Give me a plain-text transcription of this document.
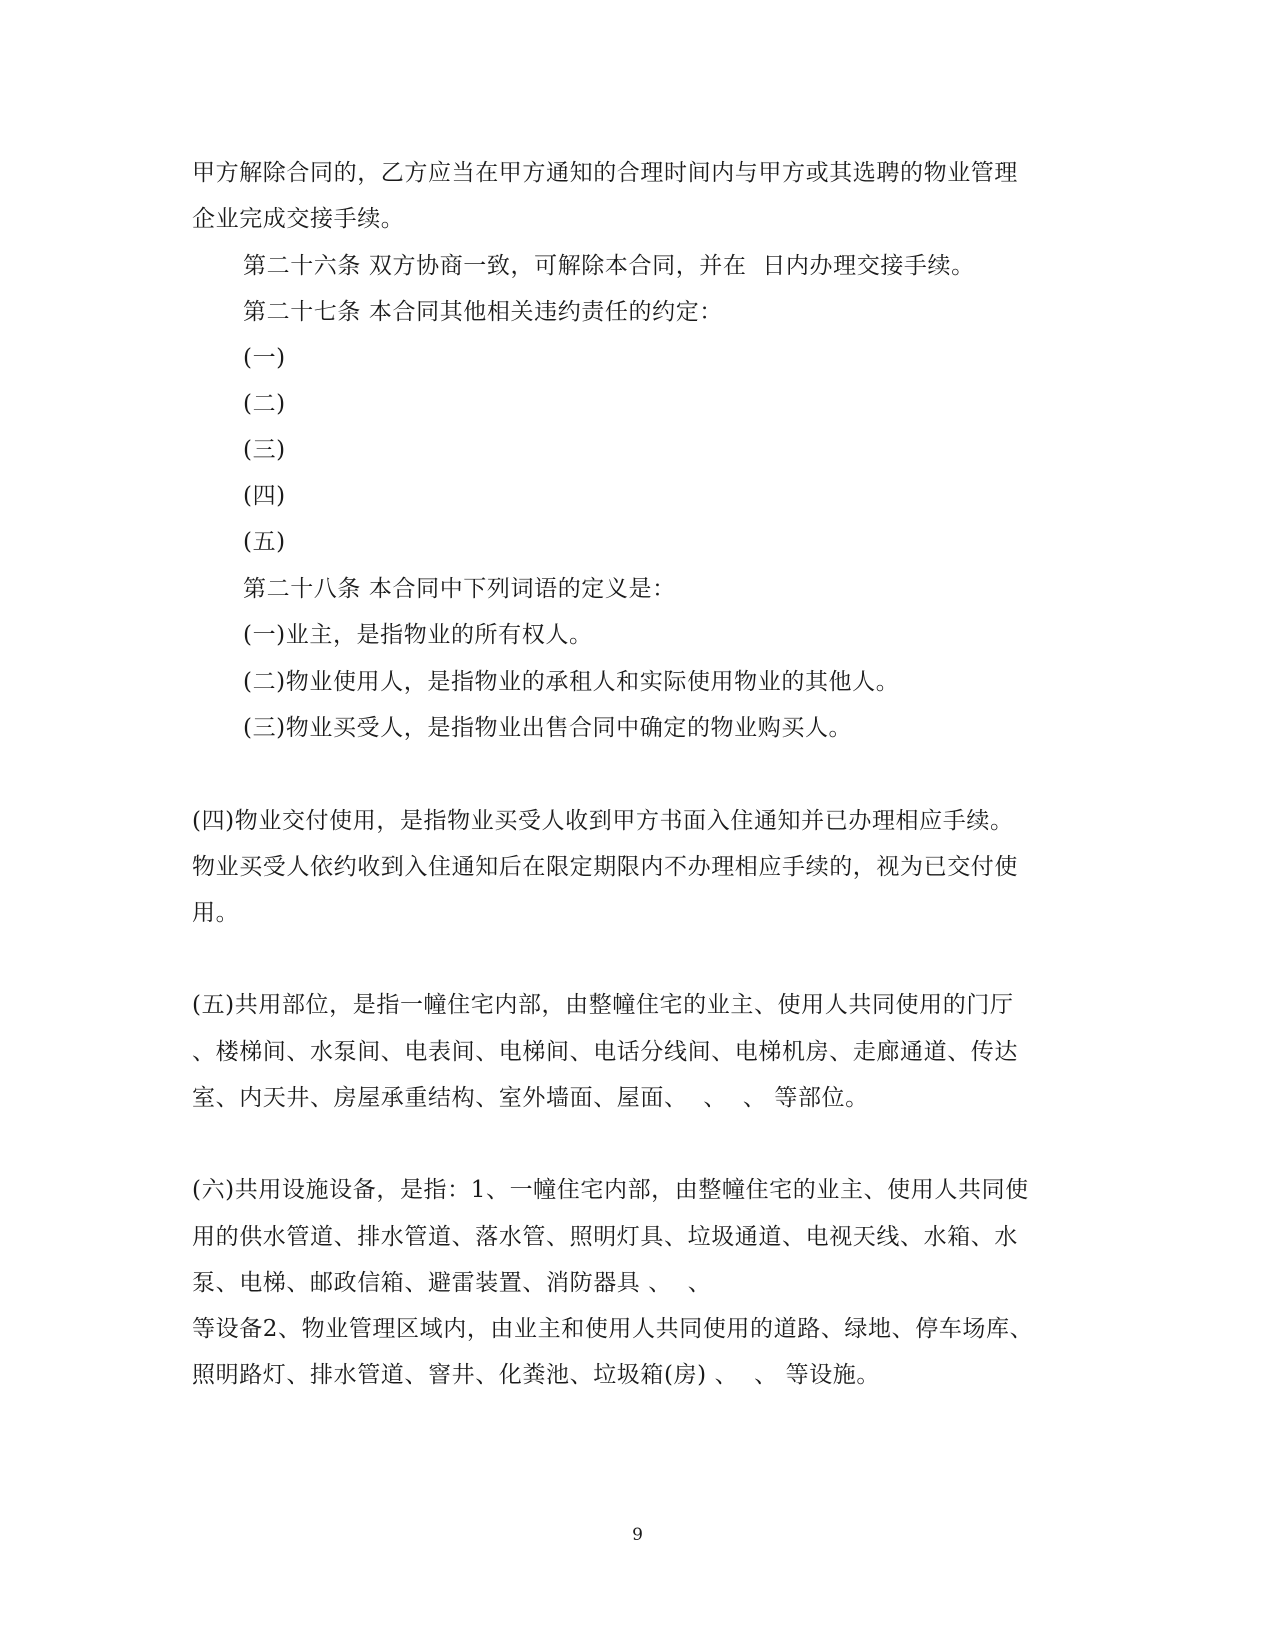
甲方解除合同的，乙方应当在甲方通知的合理时间内与甲方或其选聘的物业管理
企业完成交接手续。
第二十六条 双方协商一致，可解除本合同，并在  日内办理交接手续。
第二十七条 本合同其他相关违约责任的约定：
(一)
(二)
(三)
(四)
(五)
第二十八条 本合同中下列词语的定义是：
(一)业主，是指物业的所有权人。
(二)物业使用人，是指物业的承租人和实际使用物业的其他人。
(三)物业买受人，是指物业出售合同中确定的物业购买人。
(四)物业交付使用，是指物业买受人收到甲方书面入住通知并已办理相应手续。
物业买受人依约收到入住通知后在限定期限内不办理相应手续的，视为已交付使
用。
(五)共用部位，是指一幢住宅内部，由整幢住宅的业主、使用人共同使用的门厅
、楼梯间、水泵间、电表间、电梯间、电话分线间、电梯机房、走廊通道、传达
室、内天井、房屋承重结构、室外墙面、屋面、  、  、 等部位。
(六)共用设施设备，是指：1、一幢住宅内部，由整幢住宅的业主、使用人共同使
用的供水管道、排水管道、落水管、照明灯具、垃圾通道、电视天线、水箱、水
泵、电梯、邮政信箱、避雷装置、消防器具 、  、
等设备2、物业管理区域内，由业主和使用人共同使用的道路、绿地、停车场库、
照明路灯、排水管道、窨井、化粪池、垃圾箱(房) 、  、 等设施。
9
